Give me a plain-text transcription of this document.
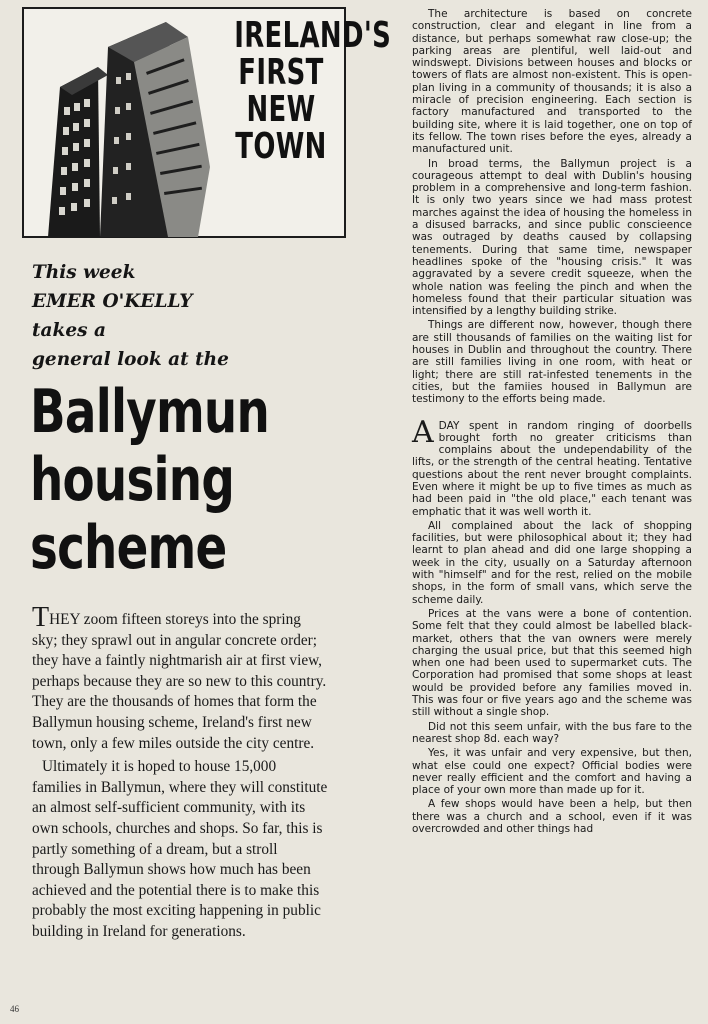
IRELAND'S
FIRST
NEW
TOWN
This week
EMER O'KELLY
takes a
general look at the
Ballymun
housing
scheme

THEY zoom fifteen storeys into the spring sky; they sprawl out in angular concrete order; they have a faintly nightmarish air at first view, perhaps because they are so new to this country. They are the thousands of homes that form the Ballymun housing scheme, Ireland's first new town, only a few miles outside the city centre.

Ultimately it is hoped to house 15,000 families in Ballymun, where they will constitute an almost self-sufficient community, with its own schools, churches and shops. So far, this is partly something of a dream, but a stroll through Ballymun shows how much has been achieved and the potential there is to make this probably the most exciting happening in public building in Ireland for generations.

46

The architecture is based on concrete construction, clear and elegant in line from a distance, but perhaps somewhat raw close-up; the parking areas are plentiful, well laid-out and windswept. Divisions between houses and blocks or towers of flats are almost non-existent. This is open-plan living in a community of thousands; it is also a miracle of precision engineering. Each section is factory manufactured and transported to the building site, where it is laid together, one on top of its fellow. The town rises before the eyes, already a manufactured unit.

In broad terms, the Ballymun project is a courageous attempt to deal with Dublin's housing problem in a comprehensive and long-term fashion. It is only two years since we had mass protest marches against the idea of housing the homeless in a disused barracks, and since public conscieence was outraged by deaths caused by collapsing tenements. During that same time, newspaper headlines spoke of the "housing crisis." It was aggravated by a severe credit squeeze, when the whole nation was feeling the pinch and when the homeless found that their particular situation was intensified by a lengthy building strike.

Things are different now, however, though there are still thousands of families on the waiting list for houses in Dublin and throughout the country. There are still families living in one room, with heat or light; there are still rat-infested tenements in the cities, but the famiies housed in Ballymun are testimony to the efforts being made.

ADAY spent in random ringing of doorbells brought forth no greater criticisms than complains about the undependability of the lifts, or the strength of the central heating. Tentative questions about the rent never brought complaints. Even where it might be up to five times as much as had been paid in "the old place," each tenant was emphatic that it was well worth it.

All complained about the lack of shopping facilities, but were philosophical about it; they had learnt to plan ahead and did one large shopping a week in the city, usually on a Saturday afternoon with "himself" and for the rest, relied on the mobile shops, in the form of small vans, which serve the scheme daily.

Prices at the vans were a bone of contention. Some felt that they could almost be labelled black-market, others that the van owners were merely charging the usual price, but that this seemed high when one had been used to supermarket cuts. The Corporation had promised that some shops at least would be provided before any families moved in. This was four or five years ago and the scheme was still without a single shop.

Did not this seem unfair, with the bus fare to the nearest shop 8d. each way?

Yes, it was unfair and very expensive, but then, what else could one expect? Official bodies were never really efficient and the comfort and having a place of your own more than made up for it.

A few shops would have been a help, but then there was a church and a school, even if it was overcrowded and other things had
